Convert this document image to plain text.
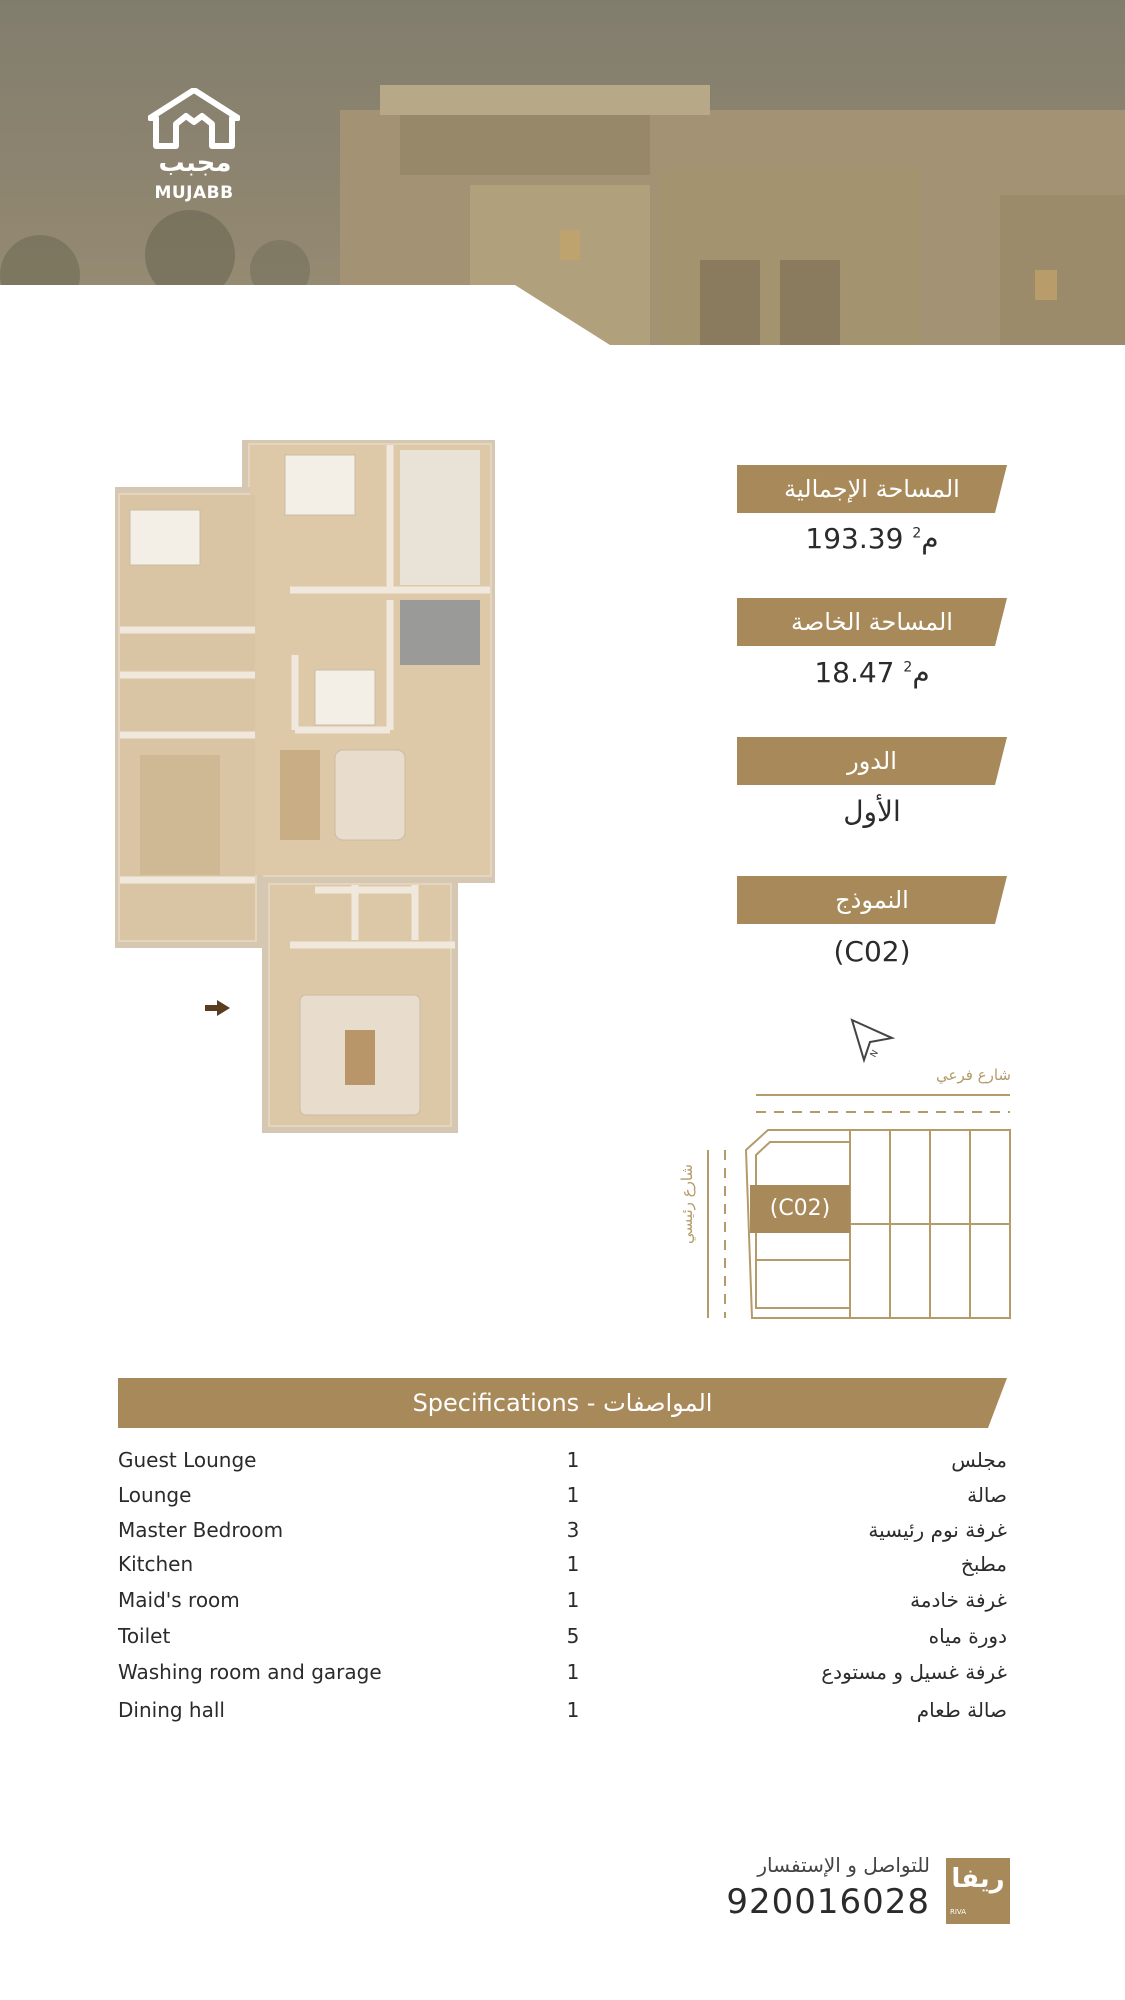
مجبب
MUJABB
المساحة الإجمالية
193.39 م$^2$
المساحة الخاصة
18.47 م$^2$
الدور
الأول
النموذج
(C02)
N
شارع فرعي
شارع رئيسي	(C02)
Specifications - المواصفات
Guest Lounge	1	مجلس
Lounge	1	صالة
Master Bedroom	3	غرفة نوم رئيسية
Kitchen	1	مطبخ
Maid's room	1	غرفة خادمة
Toilet	5	دورة مياه
Washing room and garage	1	غرفة غسيل و مستودع
Dining hall	1	صالة طعام
للتواصل و الإستفسار
920016028
ريفا
RIVA
